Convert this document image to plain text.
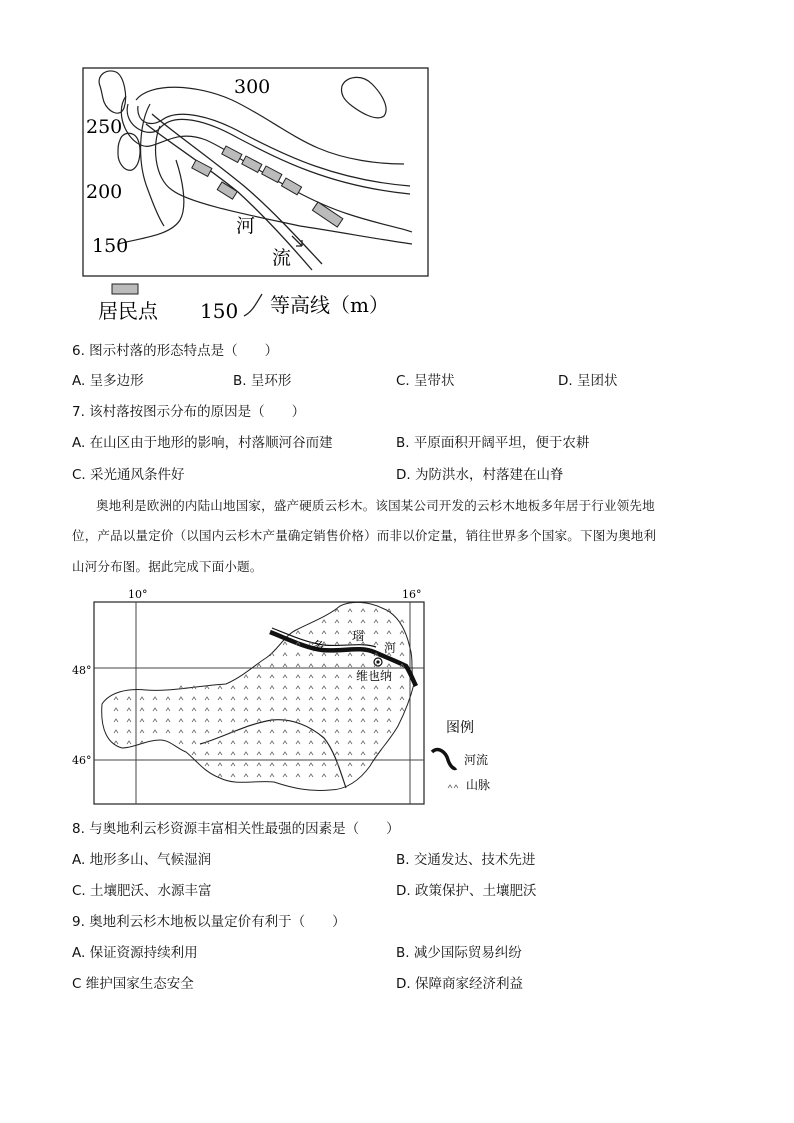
300
250
200
150
河
流
居民点 150 等高线（m）
6. 图示村落的形态特点是（　　）
A. 呈多边形	B. 呈环形	C. 呈带状	D. 呈团状
7. 该村落按图示分布的原因是（　　）
A. 在山区由于地形的影响，村落顺河谷而建	B. 平原面积开阔平坦，便于农耕
C. 采光通风条件好	D. 为防洪水，村落建在山脊
奥地利是欧洲的内陆山地国家，盛产硬质云杉木。该国某公司开发的云杉木地板多年居于行业领先地
位，产品以量定价（以国内云杉木产量确定销售价格）而非以价定量，销往世界多个国家。下图为奥地利
山河分布图。据此完成下面小题。
10°	16°
48°
46°
维也纳
多
瑙
河
图例
河流
山脉
8. 与奥地利云杉资源丰富相关性最强的因素是（　　）
A. 地形多山、气候湿润	B. 交通发达、技术先进
C. 土壤肥沃、水源丰富	D. 政策保护、土壤肥沃
9. 奥地利云杉木地板以量定价有利于（　　）
A. 保证资源持续利用	B. 减少国际贸易纠纷
C 维护国家生态安全	D. 保障商家经济利益
